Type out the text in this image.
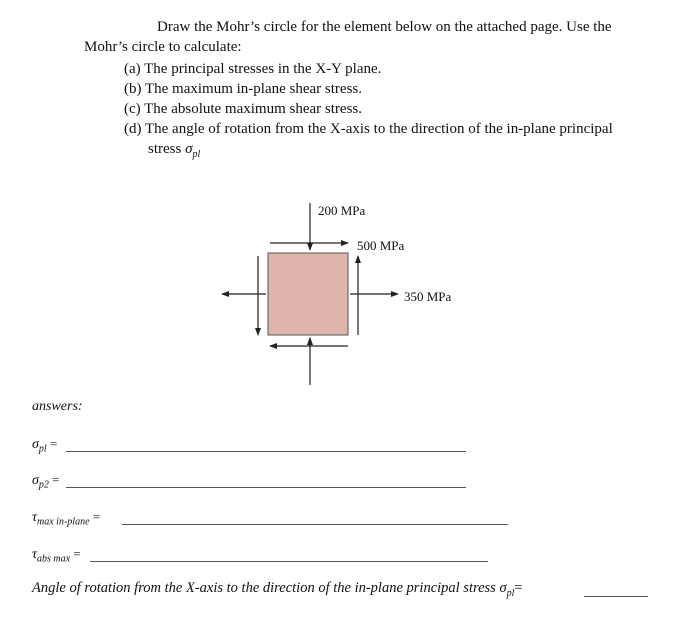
Draw the Mohr’s circle for the element below on the attached page. Use the
Mohr’s circle to calculate:
(a) The principal stresses in the X-Y plane.
(b) The maximum in-plane shear stress.
(c) The absolute maximum shear stress.
(d) The angle of rotation from the X-axis to the direction of the in-plane principal
stress $\sigma_{pl}$
200 MPa
500 MPa
350 MPa
answers:
$\sigma_{pl}$ =
$\sigma_{p2}$ =
$\tau_{max in-plane}$ =
$\tau_{abs max}$ =
Angle of rotation from the X-axis to the direction of the in-plane principal stress $\sigma_{pl}=$
